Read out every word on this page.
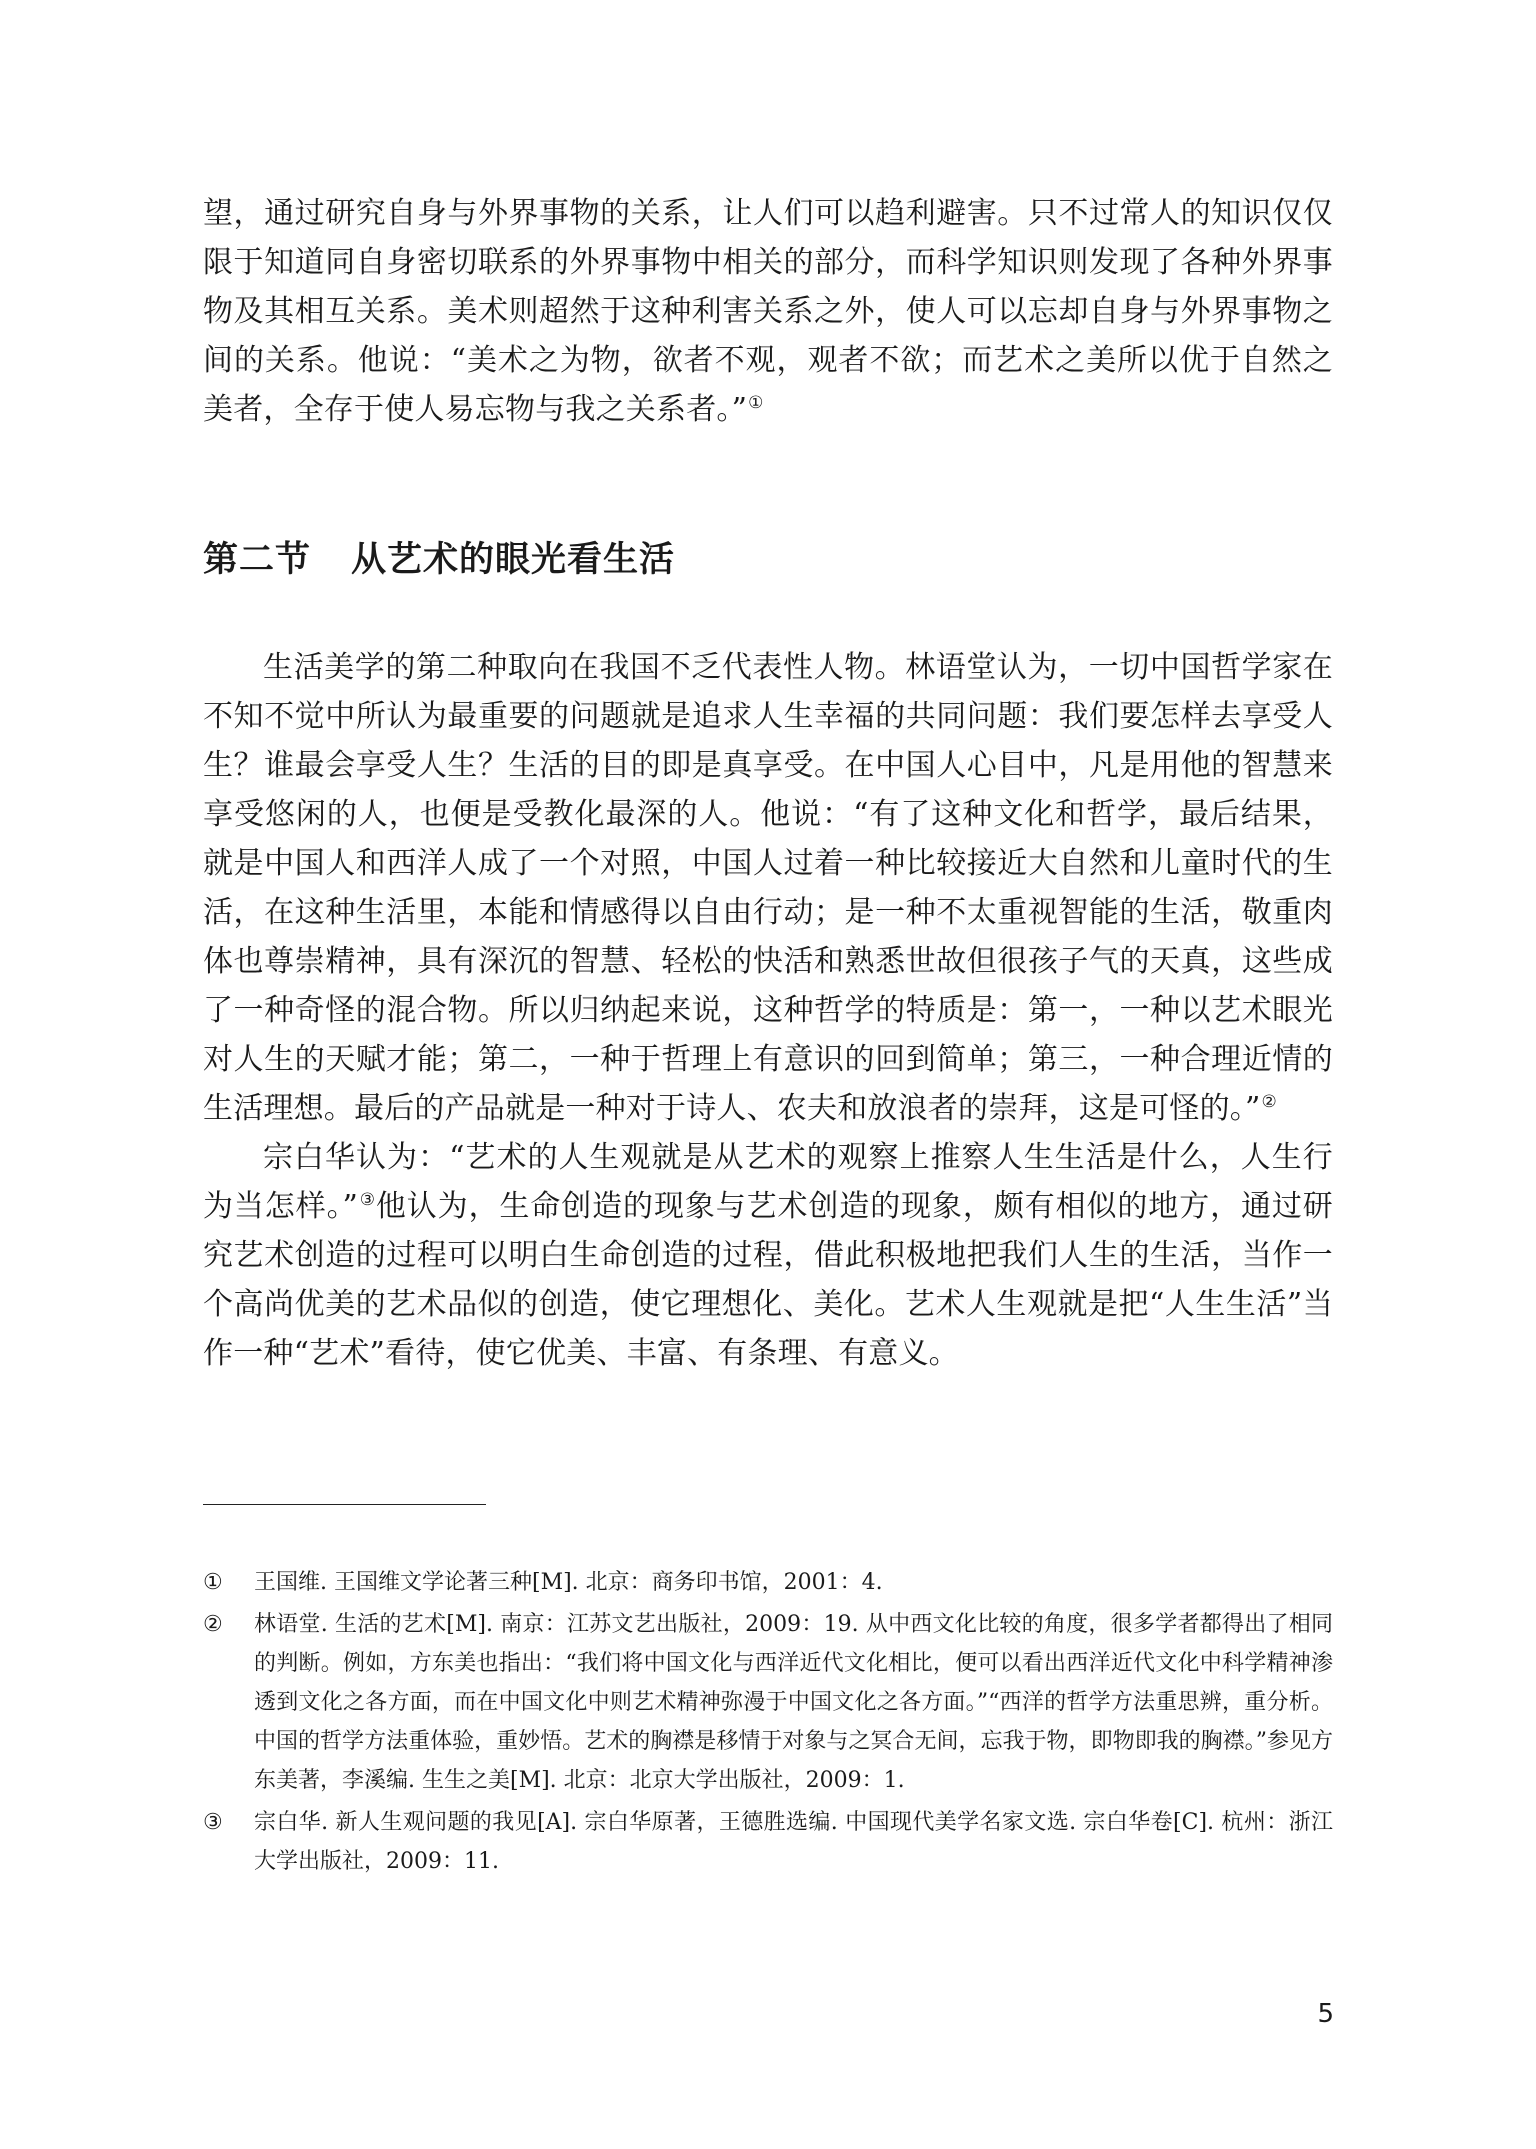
望，通过研究自身与外界事物的关系，让人们可以趋利避害。只不过常人的知识仅仅限于知道同自身密切联系的外界事物中相关的部分，而科学知识则发现了各种外界事物及其相互关系。美术则超然于这种利害关系之外，使人可以忘却自身与外界事物之间的关系。他说：“美术之为物，欲者不观，观者不欲；而艺术之美所以优于自然之美者，全存于使人易忘物与我之关系者。”①

第二节 从艺术的眼光看生活

生活美学的第二种取向在我国不乏代表性人物。林语堂认为，一切中国哲学家在不知不觉中所认为最重要的问题就是追求人生幸福的共同问题：我们要怎样去享受人生？谁最会享受人生？生活的目的即是真享受。在中国人心目中，凡是用他的智慧来享受悠闲的人，也便是受教化最深的人。他说：“有了这种文化和哲学，最后结果，就是中国人和西洋人成了一个对照，中国人过着一种比较接近大自然和儿童时代的生活，在这种生活里，本能和情感得以自由行动；是一种不太重视智能的生活，敬重肉体也尊崇精神，具有深沉的智慧、轻松的快活和熟悉世故但很孩子气的天真，这些成了一种奇怪的混合物。所以归纳起来说，这种哲学的特质是：第一，一种以艺术眼光对人生的天赋才能；第二，一种于哲理上有意识的回到简单；第三，一种合理近情的生活理想。最后的产品就是一种对于诗人、农夫和放浪者的崇拜，这是可怪的。”②

宗白华认为：“艺术的人生观就是从艺术的观察上推察人生生活是什么，人生行为当怎样。”③他认为，生命创造的现象与艺术创造的现象，颇有相似的地方，通过研究艺术创造的过程可以明白生命创造的过程，借此积极地把我们人生的生活，当作一个高尚优美的艺术品似的创造，使它理想化、美化。艺术人生观就是把“人生生活”当作一种“艺术”看待，使它优美、丰富、有条理、有意义。

① 王国维. 王国维文学论著三种[M]. 北京：商务印书馆，2001：4.
② 林语堂. 生活的艺术[M]. 南京：江苏文艺出版社，2009：19. 从中西文化比较的角度，很多学者都得出了相同的判断。例如，方东美也指出：“我们将中国文化与西洋近代文化相比，便可以看出西洋近代文化中科学精神渗透到文化之各方面，而在中国文化中则艺术精神弥漫于中国文化之各方面。”“西洋的哲学方法重思辨，重分析。中国的哲学方法重体验，重妙悟。艺术的胸襟是移情于对象与之冥合无间，忘我于物，即物即我的胸襟。”参见方东美著，李溪编. 生生之美[M]. 北京：北京大学出版社，2009：1.
③ 宗白华. 新人生观问题的我见[A]. 宗白华原著，王德胜选编. 中国现代美学名家文选. 宗白华卷[C]. 杭州：浙江大学出版社，2009：11.
5
